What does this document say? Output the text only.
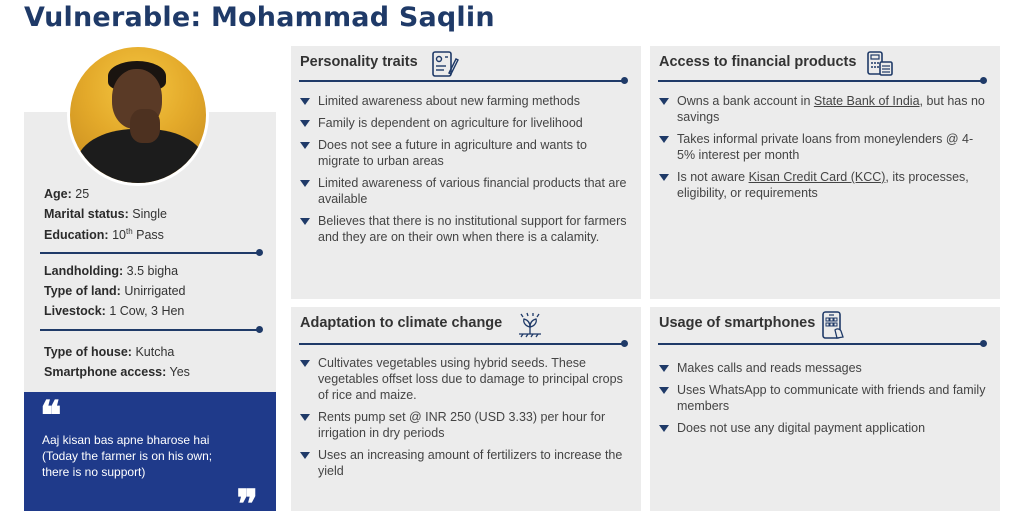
Vulnerable: Mohammad Saqlin
Age: 25
Marital status: Single
Education: 10th Pass
Landholding: 3.5 bigha
Type of land: Unirrigated
Livestock: 1 Cow, 3 Hen
Type of house: Kutcha
Smartphone access: Yes
❝
Aaj kisan bas apne bharose hai
(Today the farmer is on his own;
there is no support)
❞
Personality traits
Limited awareness about new farming methods
Family is dependent on agriculture for livelihood
Does not see a future in agriculture and wants to migrate to urban areas
Limited awareness of various financial products that are available
Believes that there is no institutional support for farmers and they are on their own when there is a calamity.
Access to financial products
Owns a bank account in State Bank of India, but has no savings
Takes informal private loans from moneylenders @ 4-5% interest per month
Is not aware Kisan Credit Card (KCC), its processes, eligibility, or requirements
Adaptation to climate change
Cultivates vegetables using hybrid seeds. These vegetables offset loss due to damage to principal crops of rice and maize.
Rents pump set @ INR 250 (USD 3.33) per hour for irrigation in dry periods
Uses an increasing amount of fertilizers to increase the yield
Usage of smartphones
Makes calls and reads messages
Uses WhatsApp to communicate with friends and family members
Does not use any digital payment application
